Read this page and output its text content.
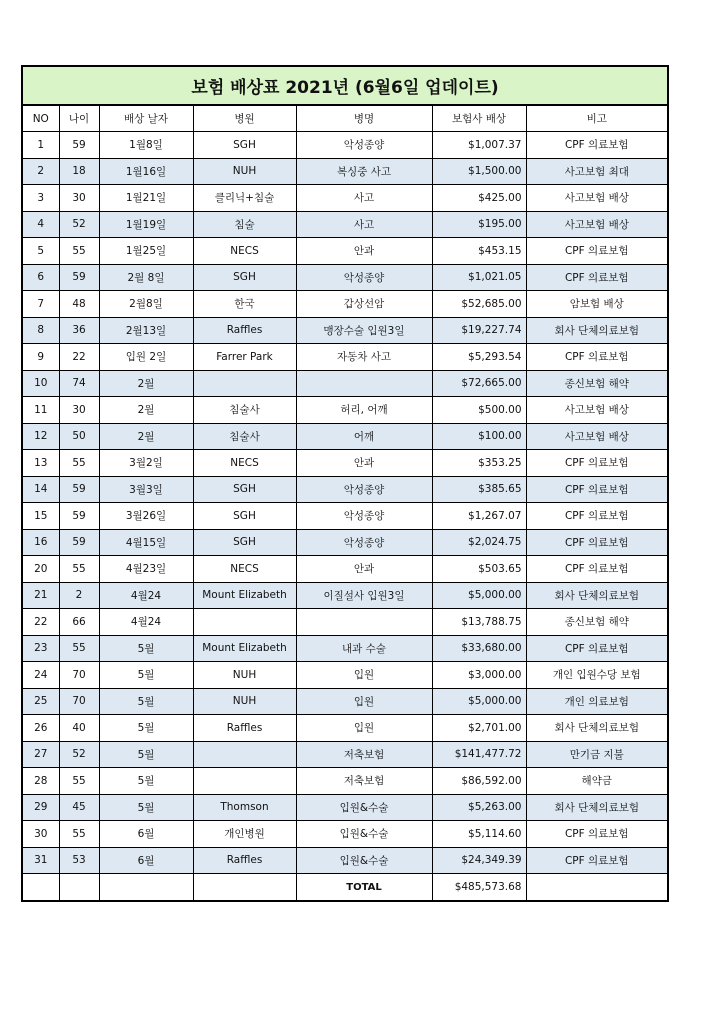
보험 배상표 2021년 (6월6일 업데이트)						
NO	나이	배상 날자	병원	병명	보험사 배상	비고
1	59	1월8일	SGH	악성종양	$1,007.37	CPF 의료보험
2	18	1월16일	NUH	복싱중 사고	$1,500.00	사고보험 최대
3	30	1월21일	클리닉+침술	사고	$425.00	사고보험 배상
4	52	1월19일	침술	사고	$195.00	사고보험 배상
5	55	1월25일	NECS	안과	$453.15	CPF 의료보험
6	59	2월 8일	SGH	악성종양	$1,021.05	CPF 의료보험
7	48	2월8일	한국	갑상선암	$52,685.00	암보험 배상
8	36	2월13일	Raffles	맹장수술 입원3일	$19,227.74	회사 단체의료보험
9	22	입원 2일	Farrer Park	자동차 사고	$5,293.54	CPF 의료보험
10	74	2월			$72,665.00	종신보험 해약
11	30	2월	침술사	허리, 어깨	$500.00	사고보험 배상
12	50	2월	침술사	어깨	$100.00	사고보험 배상
13	55	3월2일	NECS	안과	$353.25	CPF 의료보험
14	59	3월3일	SGH	악성종양	$385.65	CPF 의료보험
15	59	3월26일	SGH	악성종양	$1,267.07	CPF 의료보험
16	59	4월15일	SGH	악성종양	$2,024.75	CPF 의료보험
20	55	4월23일	NECS	안과	$503.65	CPF 의료보험
21	2	4월24	Mount Elizabeth	이질설사 입원3일	$5,000.00	회사 단체의료보험
22	66	4월24			$13,788.75	종신보험 해약
23	55	5월	Mount Elizabeth	내과 수술	$33,680.00	CPF 의료보험
24	70	5월	NUH	입원	$3,000.00	개인 입원수당 보험
25	70	5월	NUH	입원	$5,000.00	개인 의료보험
26	40	5월	Raffles	입원	$2,701.00	회사 단체의료보험
27	52	5월		저축보험	$141,477.72	만기금 지불
28	55	5월		저축보험	$86,592.00	해약금
29	45	5월	Thomson	입원&수술	$5,263.00	회사 단체의료보험
30	55	6월	개인병원	입원&수술	$5,114.60	CPF 의료보험
31	53	6월	Raffles	입원&수술	$24,349.39	CPF 의료보험
				TOTAL	$485,573.68	
